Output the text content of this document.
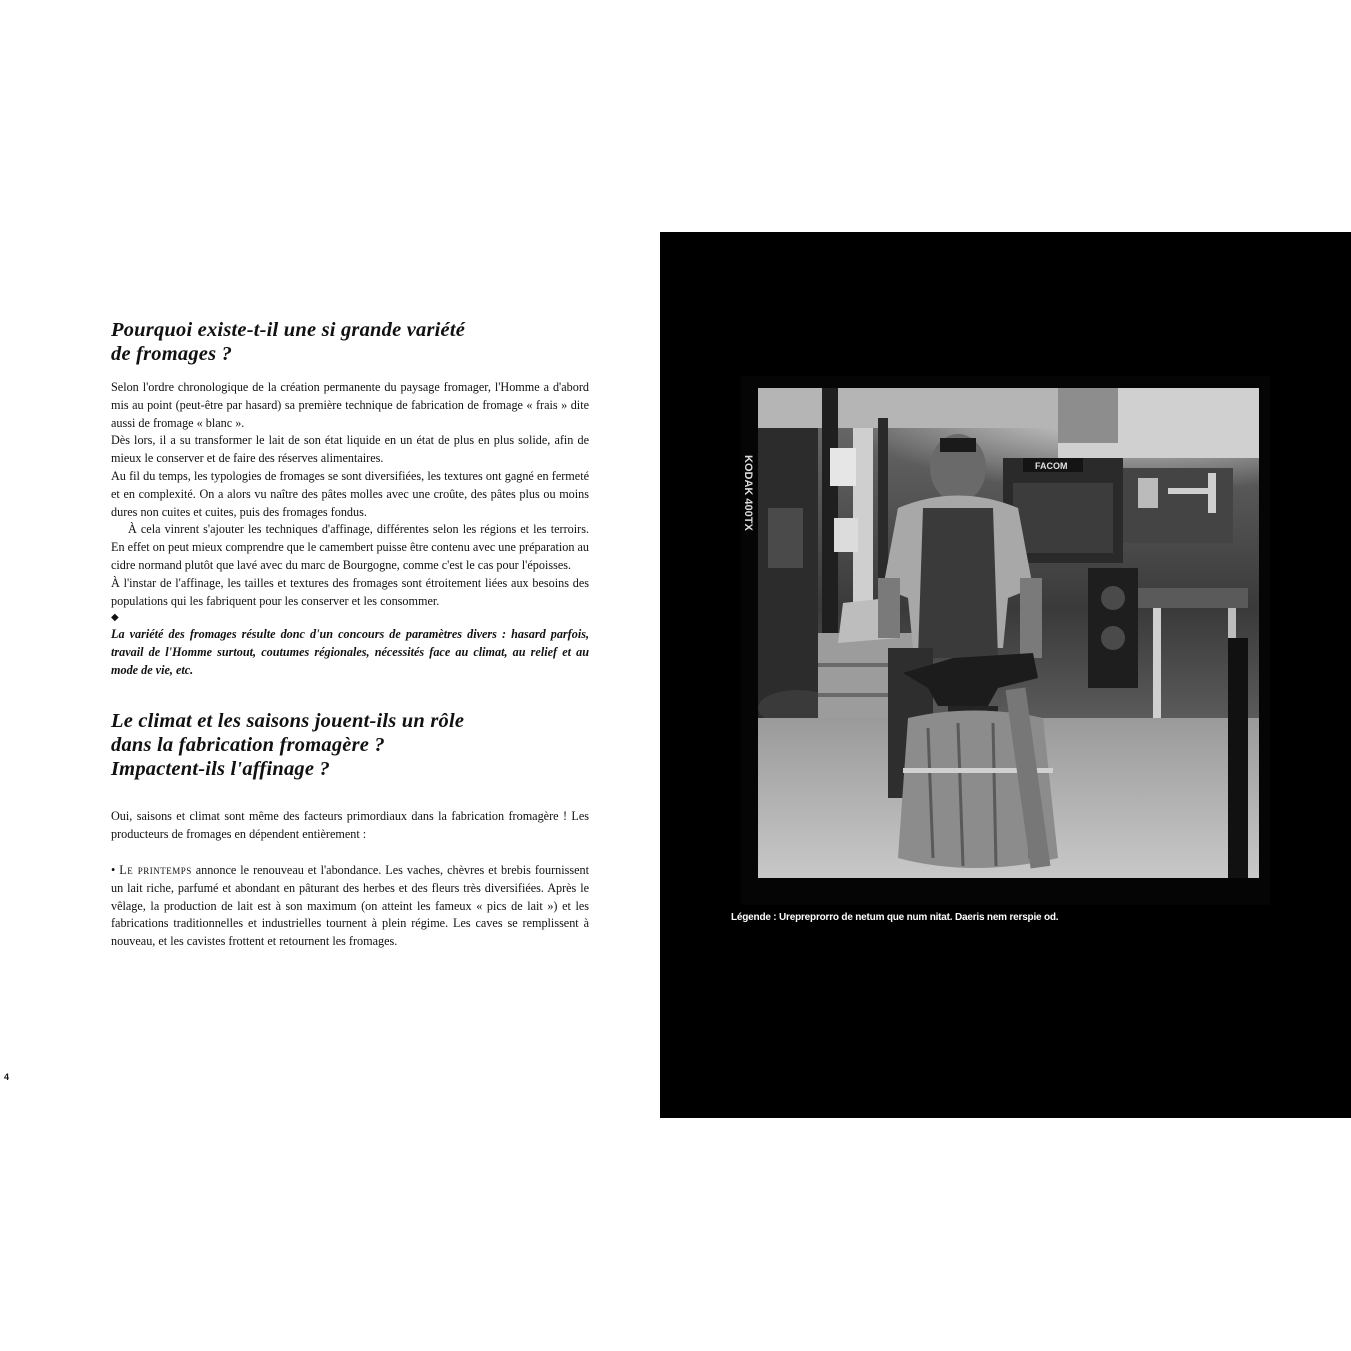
Pourquoi existe-t-il une si grande variété
de fromages ?

Selon l'ordre chronologique de la création permanente du paysage fromager, l'Homme a d'abord mis au point (peut-être par hasard) sa première technique de fabrication de fromage « frais » dite aussi de fromage « blanc ».

Dès lors, il a su transformer le lait de son état liquide en un état de plus en plus solide, afin de mieux le conserver et de faire des réserves alimentaires.

Au fil du temps, les typologies de fromages se sont diversifiées, les textures ont gagné en fermeté et en complexité. On a alors vu naître des pâtes molles avec une croûte, des pâtes plus ou moins dures non cuites et cuites, puis des fromages fondus.

À cela vinrent s'ajouter les techniques d'affinage, différentes selon les régions et les terroirs. En effet on peut mieux comprendre que le camembert puisse être contenu avec une préparation au cidre normand plutôt que lavé avec du marc de Bourgogne, comme c'est le cas pour l'époisses.

À l'instar de l'affinage, les tailles et textures des fromages sont étroitement liées aux besoins des populations qui les fabriquent pour les conserver et les consommer.

◆

La variété des fromages résulte donc d'un concours de paramètres divers : hasard parfois, travail de l'Homme surtout, coutumes régionales, nécessités face au climat, au relief et au mode de vie, etc.

Le climat et les saisons jouent-ils un rôle
dans la fabrication fromagère ?
Impactent-ils l'affinage ?

Oui, saisons et climat sont même des facteurs primordiaux dans la fabrication fromagère ! Les producteurs de fromages en dépendent entièrement :

• Le printemps annonce le renouveau et l'abondance. Les vaches, chèvres et brebis fournissent un lait riche, parfumé et abondant en pâturant des herbes et des fleurs très diversifiées. Après le vêlage, la production de lait est à son maximum (on atteint les fameux « pics de lait ») et les fabrications traditionnelles et industrielles tournent à plein régime. Les caves se remplissent à nouveau, et les cavistes frottent et retournent les fromages.

4
FACOM
KODAK 400TX
Légende : Urepreprorro de netum que num nitat. Daeris nem rerspie od.
